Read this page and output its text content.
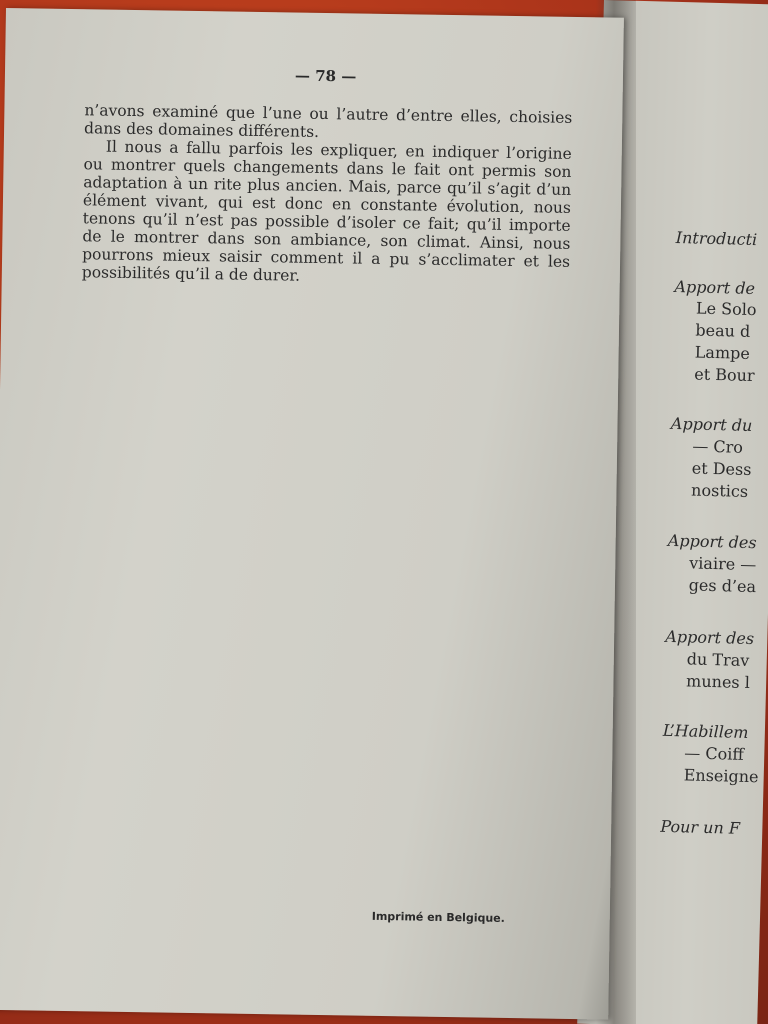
Introducti
Apport de
Le Solo
beau d
Lampe
et Bour
Apport du
— Cro
et Dess
nostics
Apport des
viaire —
ges d’ea
Apport des
du Trav
munes l
L’Habillem
— Coiff
Enseigne
Pour un F
— 78 —

n’avons examiné que l’une ou l’autre d’entre elles, choisies dans des domaines différents.

Il nous a fallu parfois les expliquer, en indiquer l’origine ou montrer quels changements dans le fait ont permis son adaptation à un rite plus ancien. Mais, parce qu’il s’agit d’un élément vivant, qui est donc en constante évolution, nous tenons qu’il n’est pas possible d’isoler ce fait; qu’il importe de le montrer dans son ambiance, son climat. Ainsi, nous pourrons mieux saisir comment il a pu s’acclimater et les possibilités qu’il a de durer.

Imprimé en Belgique.
